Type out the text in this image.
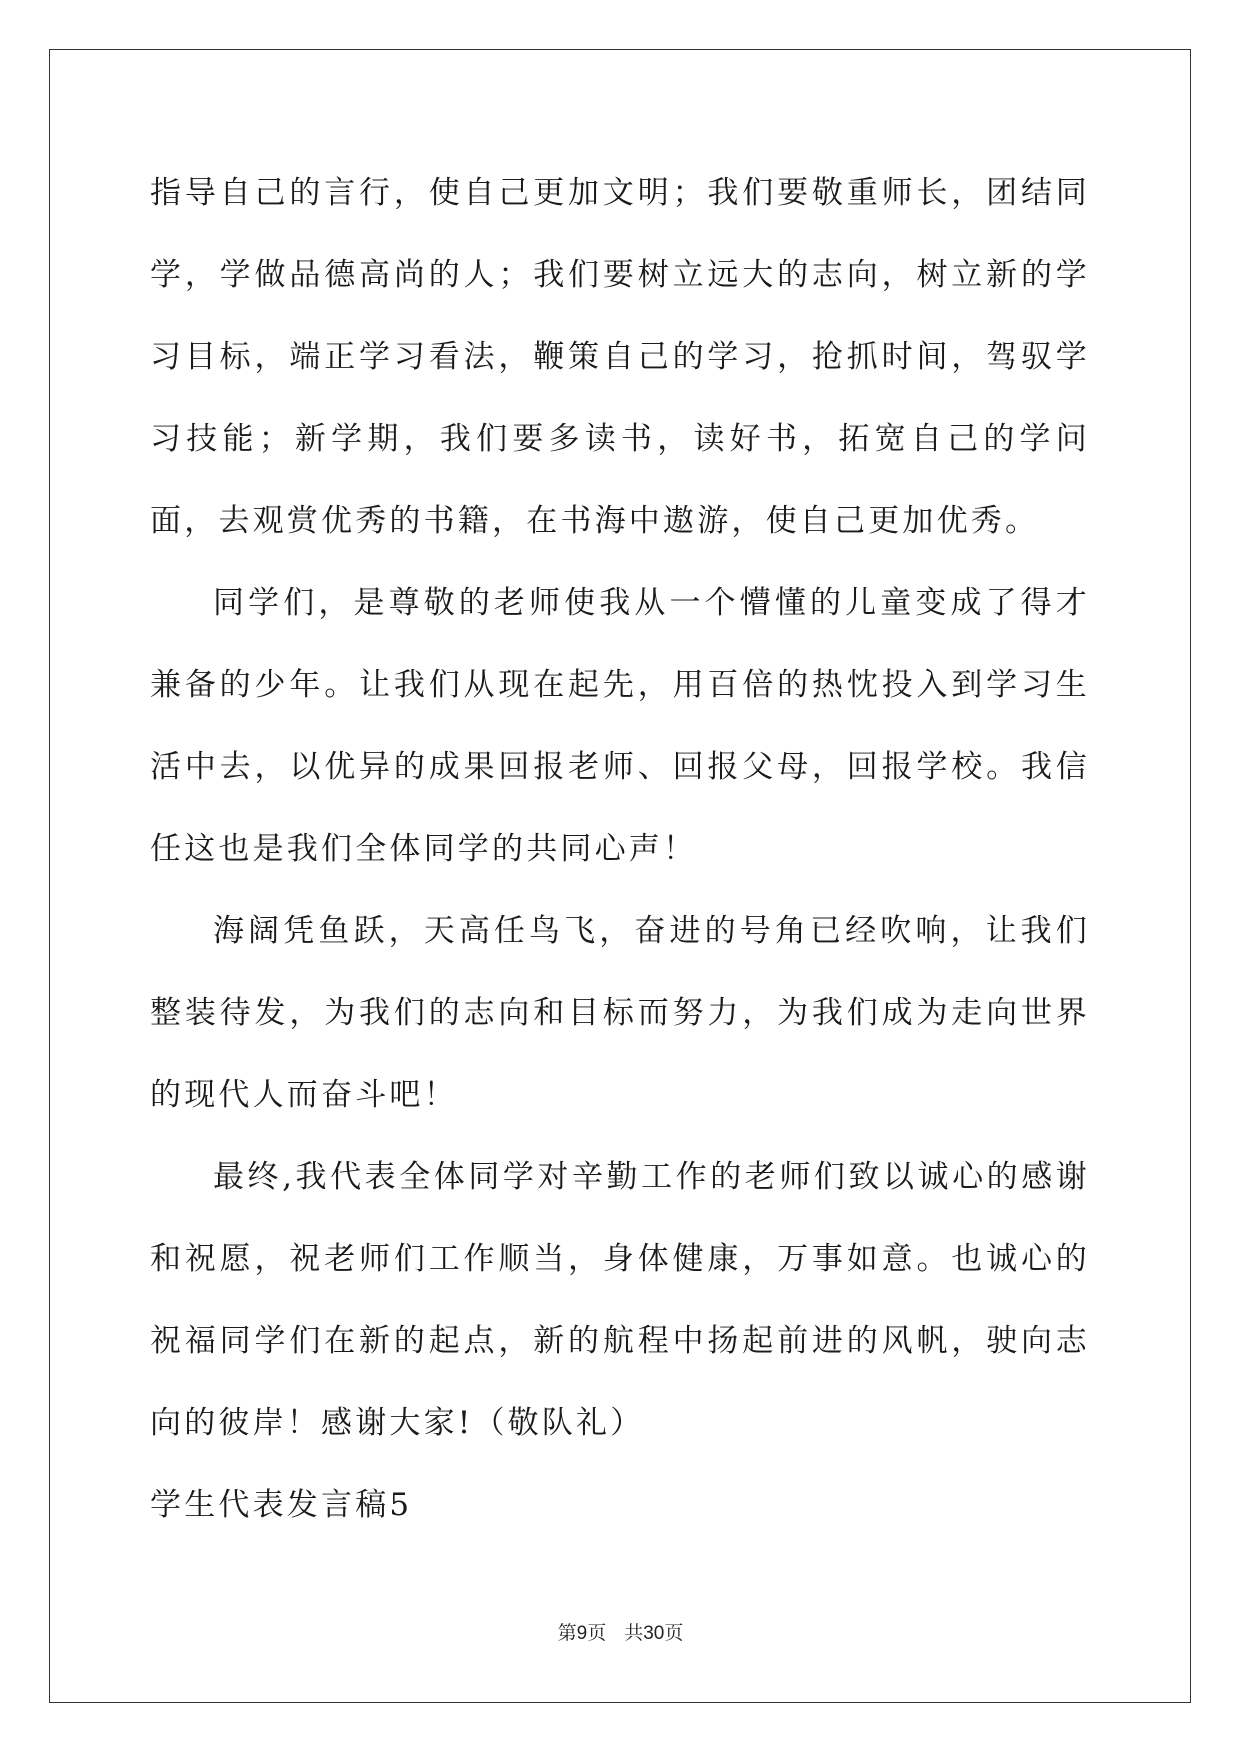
指导自己的言行，使自己更加文明；我们要敬重师长，团结同学，学做品德高尚的人；我们要树立远大的志向，树立新的学习目标，端正学习看法，鞭策自己的学习，抢抓时间，驾驭学习技能；新学期，我们要多读书，读好书，拓宽自己的学问面，去观赏优秀的书籍，在书海中遨游，使自己更加优秀。

同学们，是尊敬的老师使我从一个懵懂的儿童变成了得才兼备的少年。让我们从现在起先，用百倍的热忱投入到学习生活中去，以优异的成果回报老师、回报父母，回报学校。我信任这也是我们全体同学的共同心声！

海阔凭鱼跃，天高任鸟飞，奋进的号角已经吹响，让我们整装待发，为我们的志向和目标而努力，为我们成为走向世界的现代人而奋斗吧！

最终,我代表全体同学对辛勤工作的老师们致以诚心的感谢和祝愿，祝老师们工作顺当，身体健康，万事如意。也诚心的祝福同学们在新的起点，新的航程中扬起前进的风帆，驶向志向的彼岸！感谢大家!（敬队礼）

学生代表发言稿5

第9页 共30页
